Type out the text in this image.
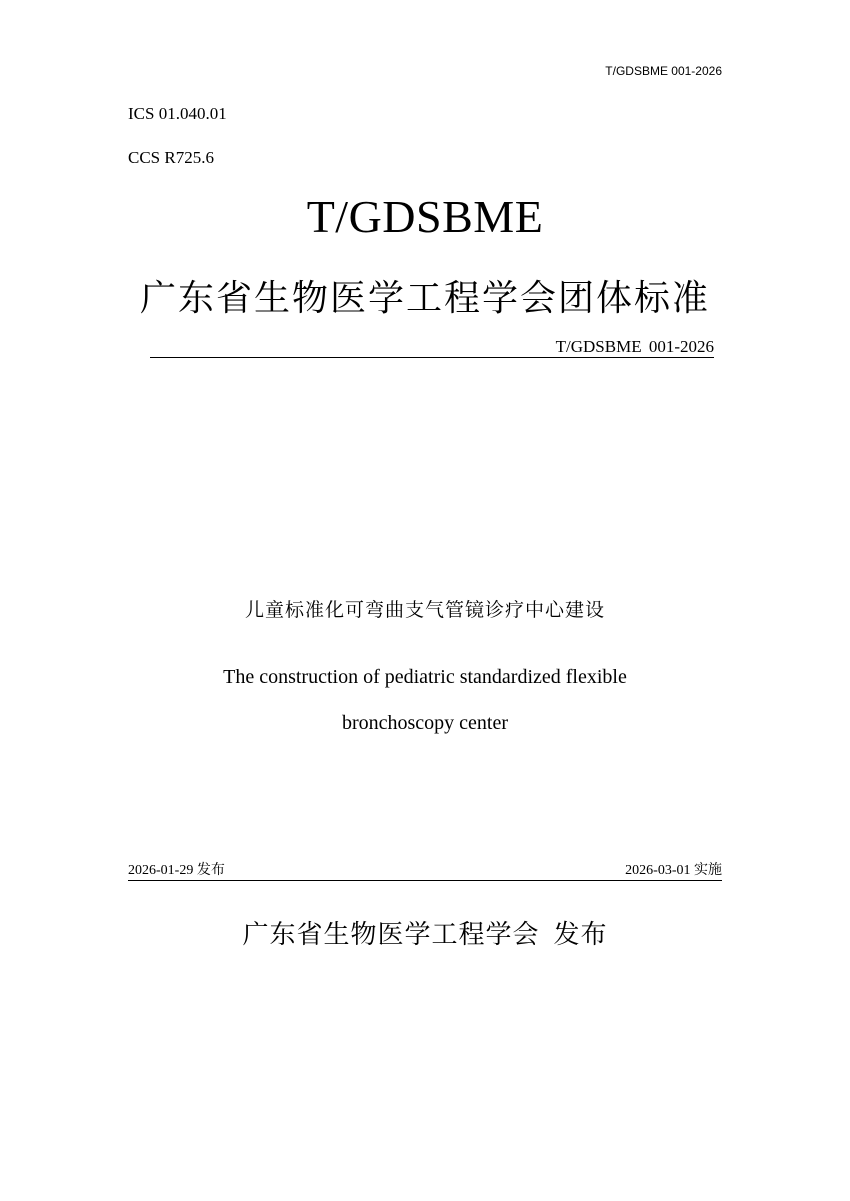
T/GDSBME 001-2026
ICS 01.040.01
CCS R725.6
T/GDSBME
广东省生物医学工程学会团体标准
T/GDSBME 001-2026
儿童标准化可弯曲支气管镜诊疗中心建设
The construction of pediatric standardized flexible
bronchoscopy center
2026-01-29 发布	2026-03-01 实施
广东省生物医学工程学会 发布
